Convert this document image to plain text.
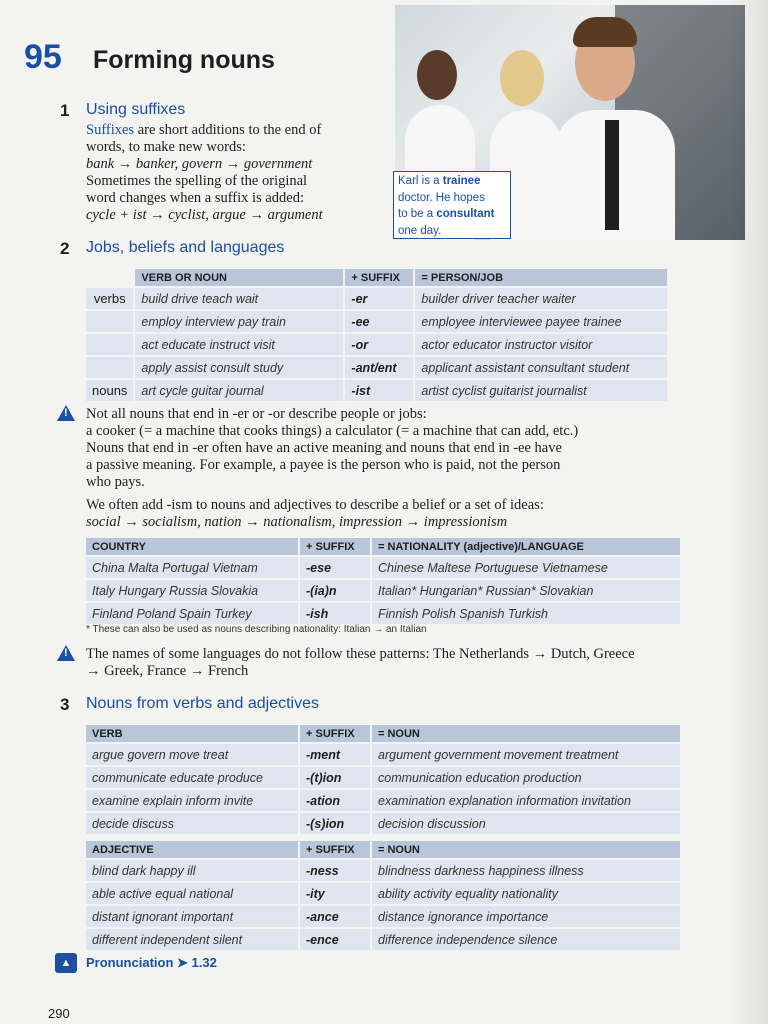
95 Forming nouns
Karl is a trainee
doctor. He hopes
to be a consultant
one day.
1 Using suffixes
Suffixes are short additions to the end of
words, to make new words:
bank → banker, govern → government
Sometimes the spelling of the original
word changes when a suffix is added:
cycle + ist → cyclist, argue → argument
2 Jobs, beliefs and languages
	VERB OR NOUN	+ SUFFIX	= PERSON/JOB
verbs	build drive teach wait	-er	builder driver teacher waiter
	employ interview pay train	-ee	employee interviewee payee trainee
	act educate instruct visit	-or	actor educator instructor visitor
	apply assist consult study	-ant/ent	applicant assistant consultant student
nouns	art cycle guitar journal	-ist	artist cyclist guitarist journalist
! Not all nouns that end in -er or -or describe people or jobs:
a cooker (= a machine that cooks things) a calculator (= a machine that can add, etc.)
Nouns that end in -er often have an active meaning and nouns that end in -ee have
a passive meaning. For example, a payee is the person who is paid, not the person
who pays.
We often add -ism to nouns and adjectives to describe a belief or a set of ideas:
social → socialism, nation → nationalism, impression → impressionism
COUNTRY	+ SUFFIX	= NATIONALITY (adjective)/LANGUAGE
China Malta Portugal Vietnam	-ese	Chinese Maltese Portuguese Vietnamese
Italy Hungary Russia Slovakia	-(ia)n	Italian* Hungarian* Russian* Slovakian
Finland Poland Spain Turkey	-ish	Finnish Polish Spanish Turkish
* These can also be used as nouns describing nationality: Italian → an Italian
! The names of some languages do not follow these patterns: The Netherlands → Dutch, Greece
→ Greek, France → French
3 Nouns from verbs and adjectives
VERB	+ SUFFIX	= NOUN
argue govern move treat	-ment	argument government movement treatment
communicate educate produce	-(t)ion	communication education production
examine explain inform invite	-ation	examination explanation information invitation
decide discuss	-(s)ion	decision discussion
ADJECTIVE	+ SUFFIX	= NOUN
blind dark happy ill	-ness	blindness darkness happiness illness
able active equal national	-ity	ability activity equality nationality
distant ignorant important	-ance	distance ignorance importance
different independent silent	-ence	difference independence silence
▲	Pronunciation ➤ 1.32
290
